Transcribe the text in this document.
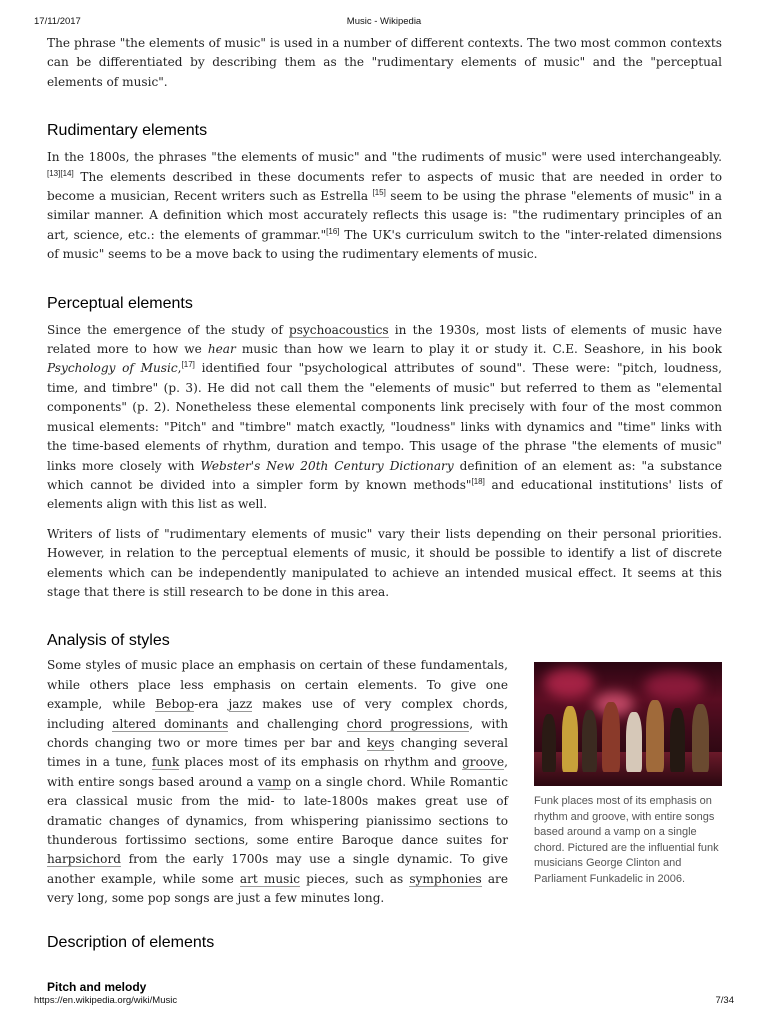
17/11/2017	Music - Wikipedia

The phrase "the elements of music" is used in a number of different contexts. The two most common contexts can be differentiated by describing them as the "rudimentary elements of music" and the "perceptual elements of music".

Rudimentary elements

In the 1800s, the phrases "the elements of music" and "the rudiments of music" were used interchangeably.[13][14] The elements described in these documents refer to aspects of music that are needed in order to become a musician, Recent writers such as Estrella [15] seem to be using the phrase "elements of music" in a similar manner. A definition which most accurately reflects this usage is: "the rudimentary principles of an art, science, etc.: the elements of grammar."[16] The UK's curriculum switch to the "inter-related dimensions of music" seems to be a move back to using the rudimentary elements of music.

Perceptual elements

Since the emergence of the study of psychoacoustics in the 1930s, most lists of elements of music have related more to how we hear music than how we learn to play it or study it. C.E. Seashore, in his book Psychology of Music,[17] identified four "psychological attributes of sound". These were: "pitch, loudness, time, and timbre" (p. 3). He did not call them the "elements of music" but referred to them as "elemental components" (p. 2). Nonetheless these elemental components link precisely with four of the most common musical elements: "Pitch" and "timbre" match exactly, "loudness" links with dynamics and "time" links with the time-based elements of rhythm, duration and tempo. This usage of the phrase "the elements of music" links more closely with Webster's New 20th Century Dictionary definition of an element as: "a substance which cannot be divided into a simpler form by known methods"[18] and educational institutions' lists of elements align with this list as well.

Writers of lists of "rudimentary elements of music" vary their lists depending on their personal priorities. However, in relation to the perceptual elements of music, it should be possible to identify a list of discrete elements which can be independently manipulated to achieve an intended musical effect. It seems at this stage that there is still research to be done in this area.

Analysis of styles
Funk places most of its emphasis on rhythm and groove, with entire songs based around a vamp on a single chord. Pictured are the influential funk musicians George Clinton and Parliament Funkadelic in 2006.

Some styles of music place an emphasis on certain of these fundamentals, while others place less emphasis on certain elements. To give one example, while Bebop-era jazz makes use of very complex chords, including altered dominants and challenging chord progressions, with chords changing two or more times per bar and keys changing several times in a tune, funk places most of its emphasis on rhythm and groove, with entire songs based around a vamp on a single chord. While Romantic era classical music from the mid- to late-1800s makes great use of dramatic changes of dynamics, from whispering pianissimo sections to thunderous fortissimo sections, some entire Baroque dance suites for harpsichord from the early 1700s may use a single dynamic. To give another example, while some art music pieces, such as symphonies are very long, some pop songs are just a few minutes long.

Description of elements
Pitch and melody
https://en.wikipedia.org/wiki/Music	7/34
